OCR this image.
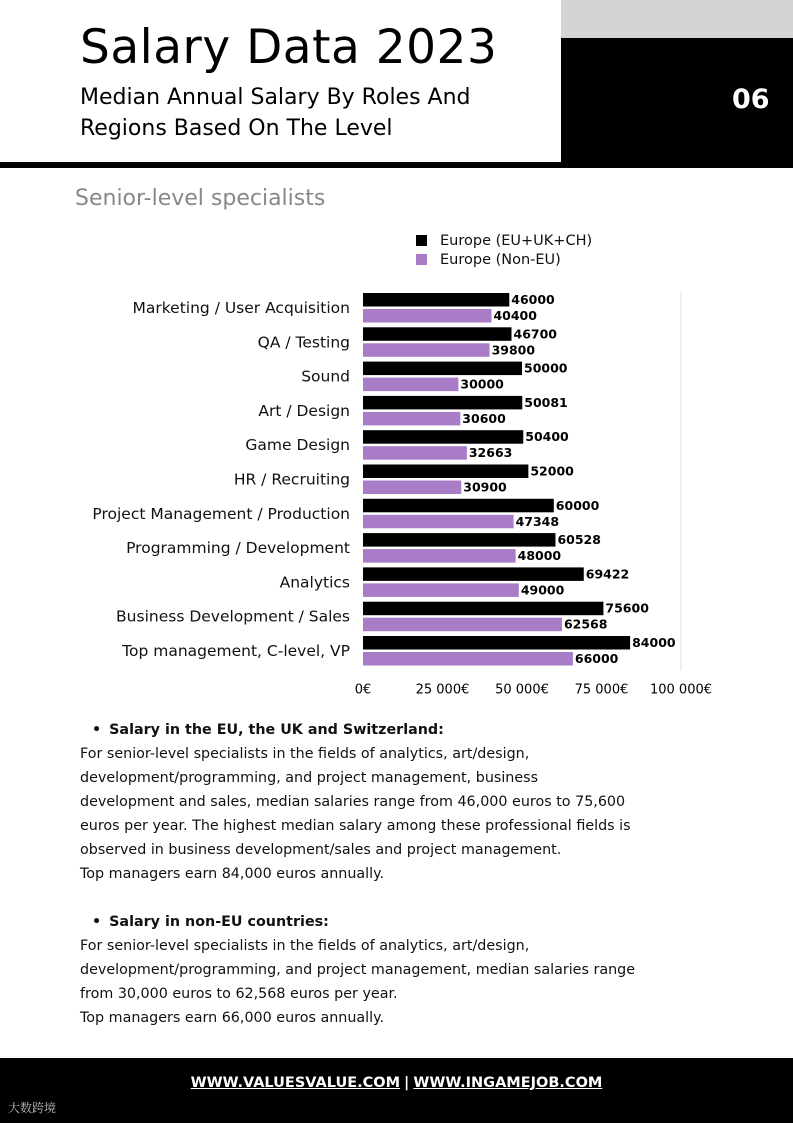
06
Salary Data 2023
Median Annual Salary By Roles And
Regions Based On The Level
Senior-level specialists
Marketing / User Acquisition	46000
40400
QA / Testing	46700
39800
Sound	50000
30000
Art / Design	50081
30600
Game Design	50400
32663
HR / Recruiting	52000
30900
Project Management / Production	60000
47348
Programming / Development	60528
48000
Analytics	69422
49000
Business Development / Sales	75600
62568
Top management, C-level, VP	84000
66000
0€	25 000€ 50 000€ 75 000€ 100 000€
Europe (EU+UK+CH)
Europe (Non-EU)

• Salary in the EU, the UK and Switzerland:

For senior-level specialists in the fields of analytics, art/design,

development/programming, and project management, business

development and sales, median salaries range from 46,000 euros to 75,600

euros per year. The highest median salary among these professional fields is

observed in business development/sales and project management.

Top managers earn 84,000 euros annually.

• Salary in non-EU countries:

For senior-level specialists in the fields of analytics, art/design,

development/programming, and project management, median salaries range

from 30,000 euros to 62,568 euros per year.

Top managers earn 66,000 euros annually.

WWW.VALUESVALUE.COM | WWW.INGAMEJOB.COM
大数跨境
